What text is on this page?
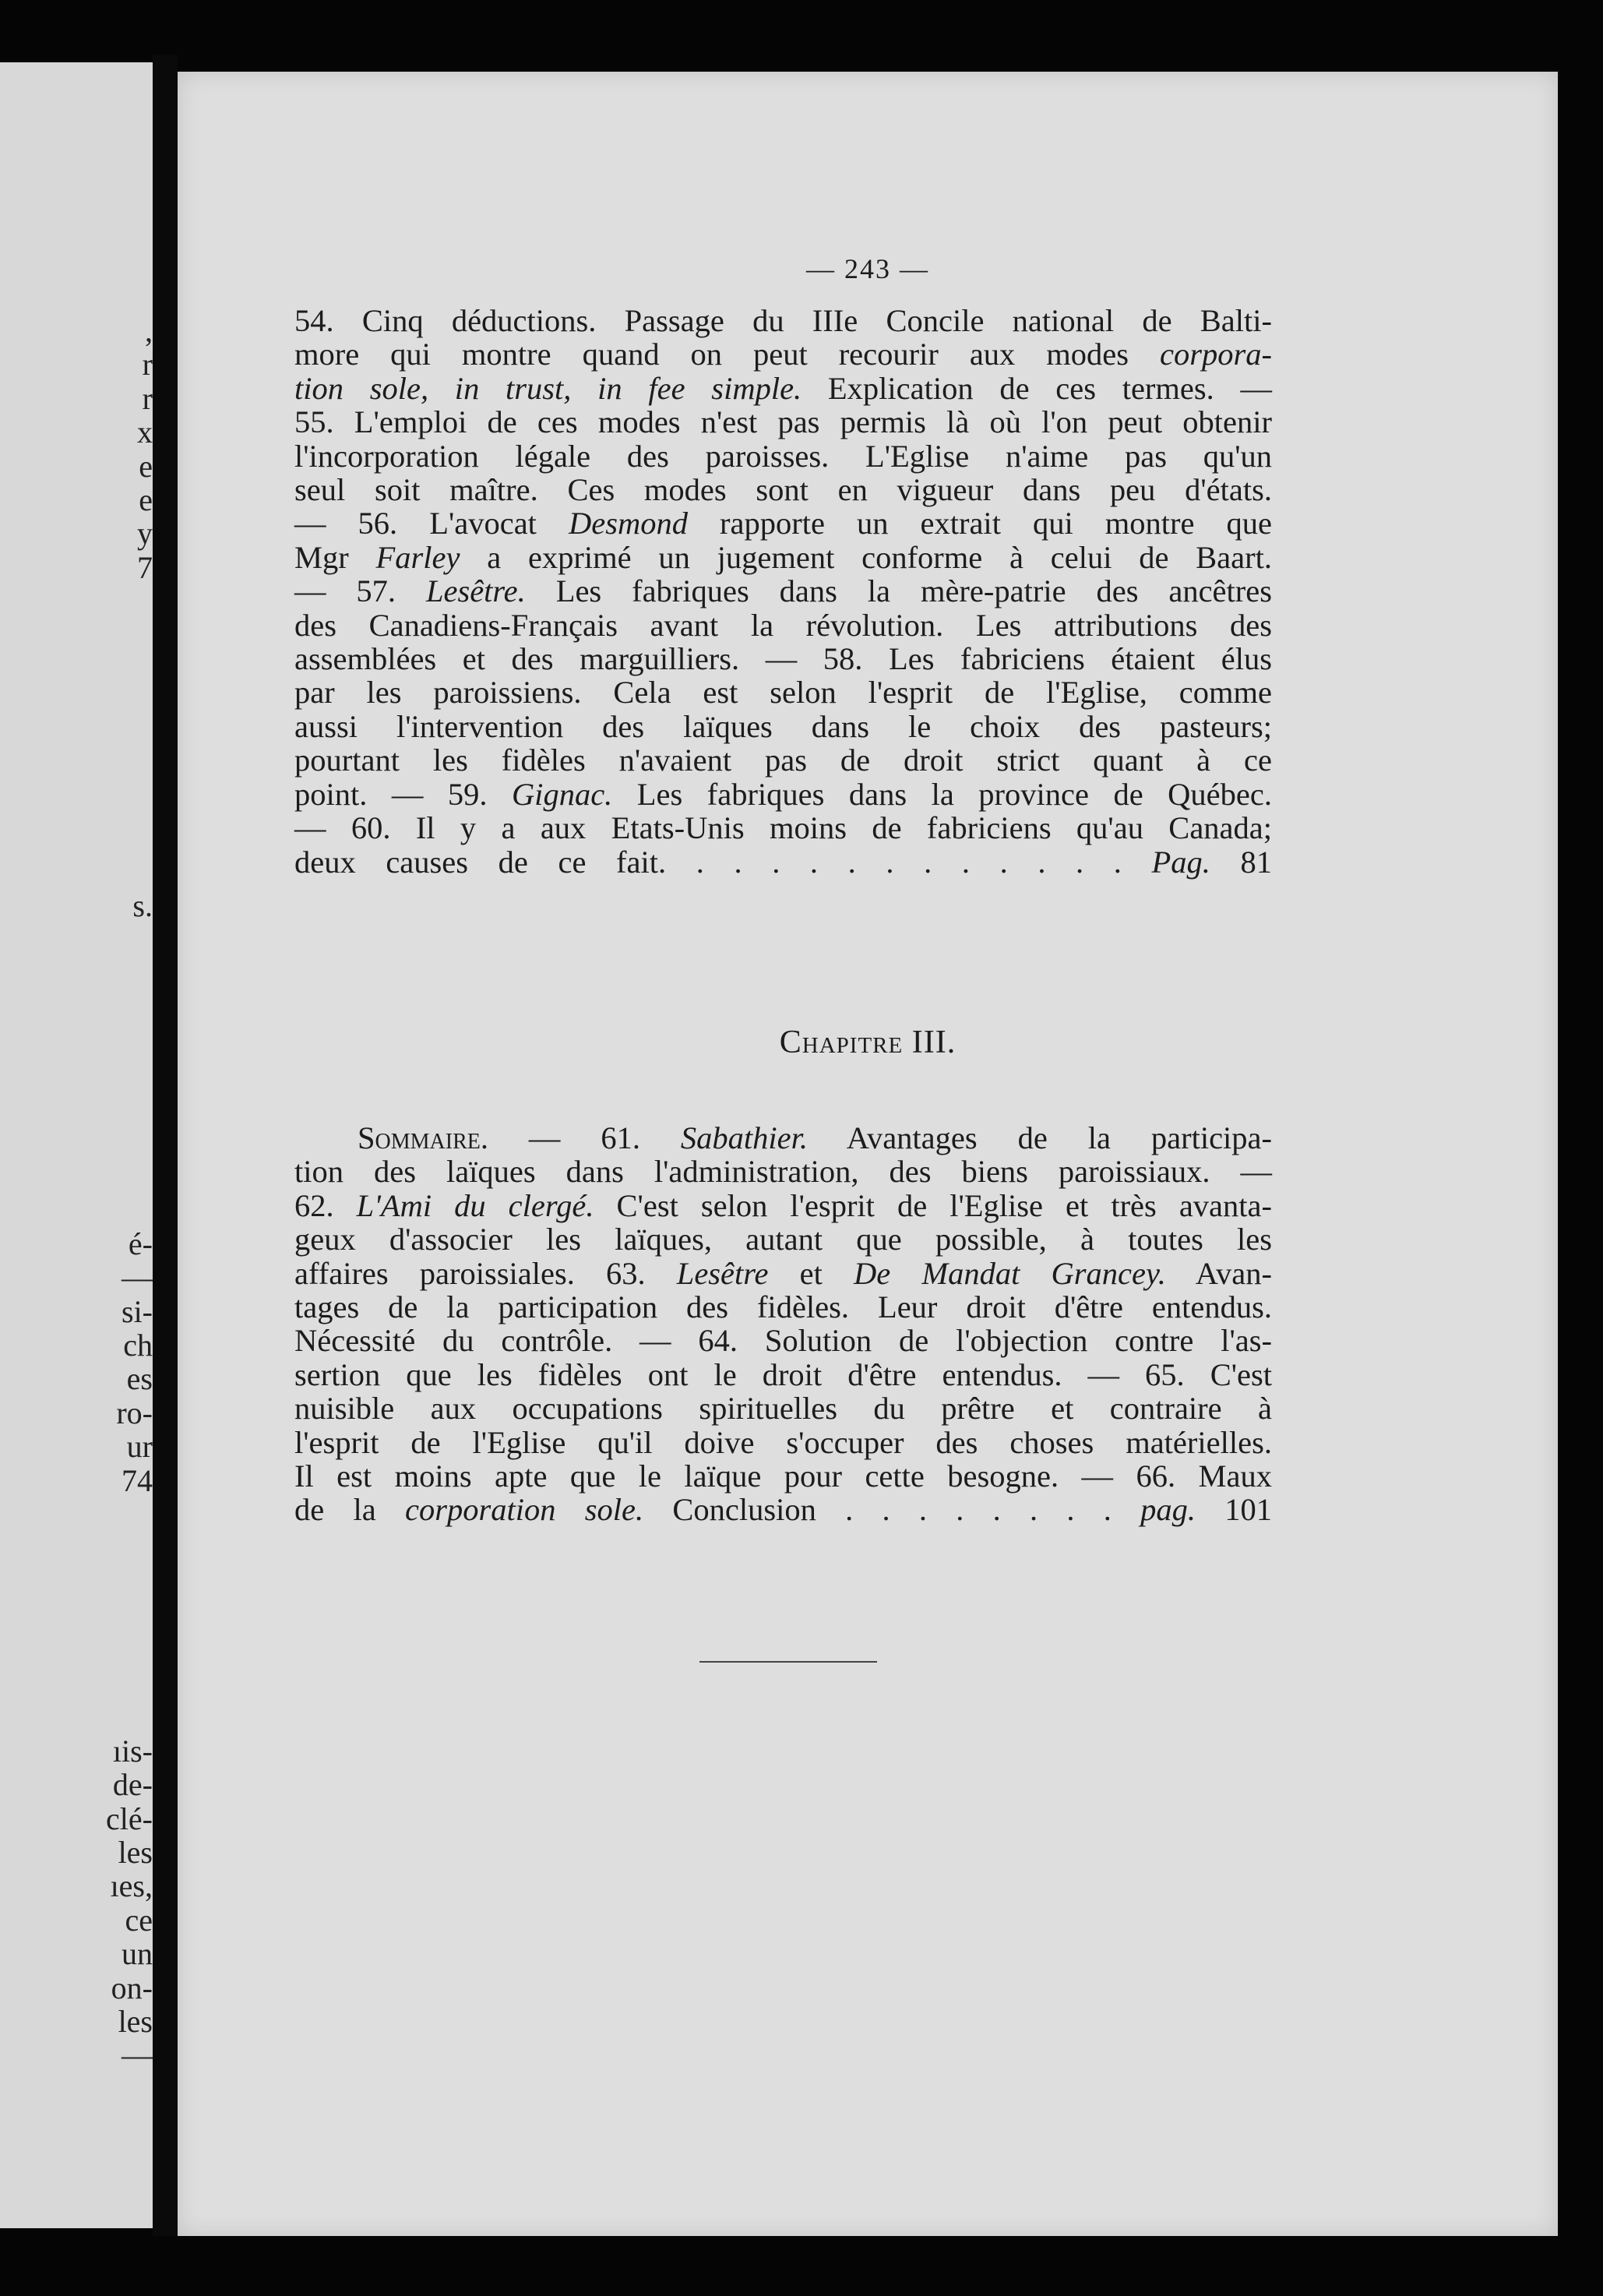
,
r
r
x
e
e
y
7
s.
é-
—
si-
ch
es
ro-
ur
74
ıis-
de-
clé-
les
ıes,
ce
un
on-
les
—
— 243 —
54. Cinq déductions. Passage du IIIe Concile national de Balti-
more qui montre quand on peut recourir aux modes corpora-
tion sole, in trust, in fee simple. Explication de ces termes. —
55. L'emploi de ces modes n'est pas permis là où l'on peut obtenir
l'incorporation légale des paroisses. L'Eglise n'aime pas qu'un
seul soit maître. Ces modes sont en vigueur dans peu d'états.
— 56. L'avocat Desmond rapporte un extrait qui montre que
Mgr Farley a exprimé un jugement conforme à celui de Baart.
— 57. Lesêtre. Les fabriques dans la mère-patrie des ancêtres
des Canadiens-Français avant la révolution. Les attributions des
assemblées et des marguilliers. — 58. Les fabriciens étaient élus
par les paroissiens. Cela est selon l'esprit de l'Eglise, comme
aussi l'intervention des laïques dans le choix des pasteurs;
pourtant les fidèles n'avaient pas de droit strict quant à ce
point. — 59. Gignac. Les fabriques dans la province de Québec.
— 60. Il y a aux Etats-Unis moins de fabriciens qu'au Canada;
deux causes de ce fait. . . . . . . . . . . . . Pag. 81
Chapitre III.
  Sommaire. — 61. Sabathier. Avantages de la participa-
tion des laïques dans l'administration, des biens paroissiaux. —
62. L'Ami du clergé. C'est selon l'esprit de l'Eglise et très avanta-
geux d'associer les laïques, autant que possible, à toutes les
affaires paroissiales. 63. Lesêtre et De Mandat Grancey. Avan-
tages de la participation des fidèles. Leur droit d'être entendus.
Nécessité du contrôle. — 64. Solution de l'objection contre l'as-
sertion que les fidèles ont le droit d'être entendus. — 65. C'est
nuisible aux occupations spirituelles du prêtre et contraire à
l'esprit de l'Eglise qu'il doive s'occuper des choses matérielles.
Il est moins apte que le laïque pour cette besogne. — 66. Maux
de la corporation sole. Conclusion . . . . . . . . pag. 101
